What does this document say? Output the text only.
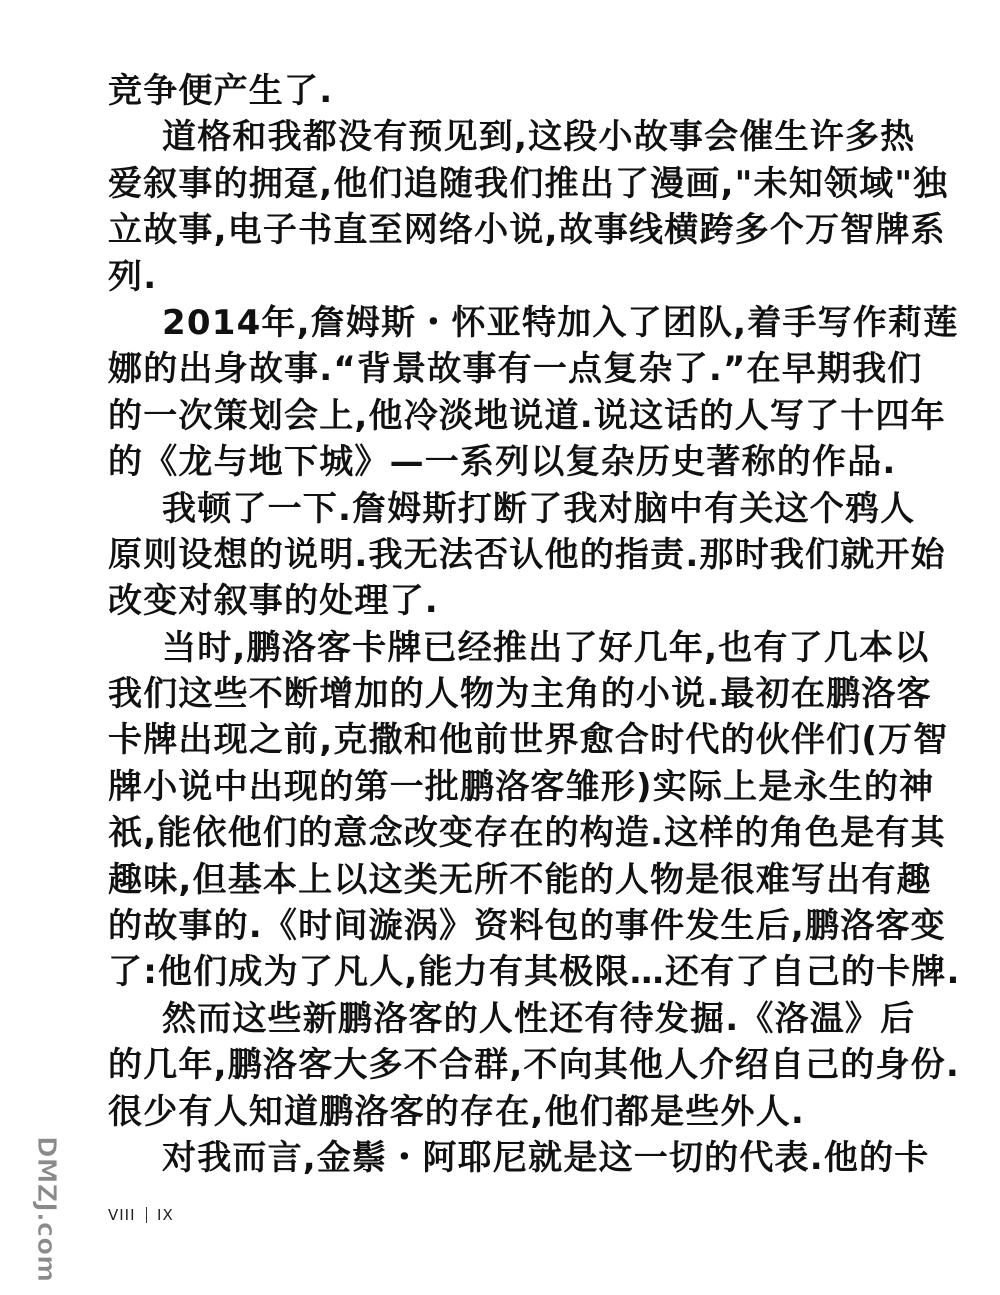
竞争便产生了.
道格和我都没有预见到,这段小故事会催生许多热
爱叙事的拥趸,他们追随我们推出了漫画,"未知领域"独
立故事,电子书直至网络小说,故事线横跨多个万智牌系
列.
2014年,詹姆斯・怀亚特加入了团队,着手写作莉莲
娜的出身故事.“背景故事有一点复杂了.”在早期我们
的一次策划会上,他冷淡地说道.说这话的人写了十四年
的《龙与地下城》—一系列以复杂历史著称的作品.
我顿了一下.詹姆斯打断了我对脑中有关这个鸦人
原则设想的说明.我无法否认他的指责.那时我们就开始
改变对叙事的处理了.
当时,鹏洛客卡牌已经推出了好几年,也有了几本以
我们这些不断增加的人物为主角的小说.最初在鹏洛客
卡牌出现之前,克撒和他前世界愈合时代的伙伴们(万智
牌小说中出现的第一批鹏洛客雏形)实际上是永生的神
祇,能依他们的意念改变存在的构造.这样的角色是有其
趣味,但基本上以这类无所不能的人物是很难写出有趣
的故事的.《时间漩涡》资料包的事件发生后,鹏洛客变
了:他们成为了凡人,能力有其极限…还有了自己的卡牌.
然而这些新鹏洛客的人性还有待发掘.《洛温》后
的几年,鹏洛客大多不合群,不向其他人介绍自己的身份.
很少有人知道鹏洛客的存在,他们都是些外人.
对我而言,金鬃・阿耶尼就是这一切的代表.他的卡
VIII IX
DMZJ.com
